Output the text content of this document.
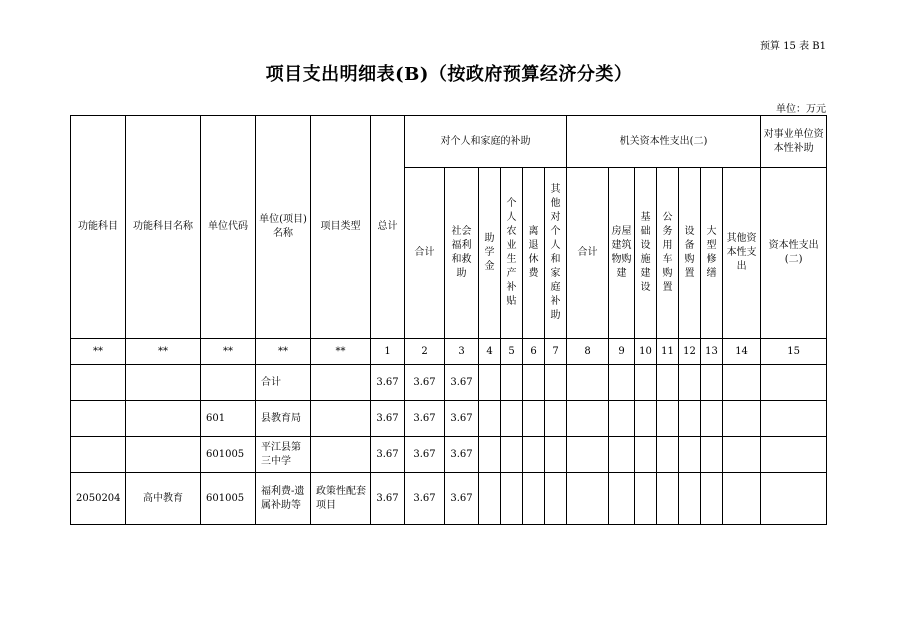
预算 15 表 B1
项目支出明细表(B)（按政府预算经济分类）
单位：万元
功能科目	功能科目名称	单位代码	单位(项目)名称	项目类型	总计	对个人和家庭的补助						机关资本性支出(二)							对事业单位资本性补助
						合计	社会福利和救助	助学金	个人农业生产补贴	离退休费	其他对个人和家庭补助	合计	房屋建筑物购建	基础设施建设	公务用车购置	设备购置	大型修缮	其他资本性支出	资本性支出(二)
**	**	**	**	**	1	2	3	4	5	6	7	8	9	10	11	12	13	14	15
			合计		3.67	3.67	3.67												
		601	县教育局		3.67	3.67	3.67												
		601005	平江县第三中学		3.67	3.67	3.67												
2050204	高中教育	601005	福利费-遗属补助等	政策性配套项目	3.67	3.67	3.67												
